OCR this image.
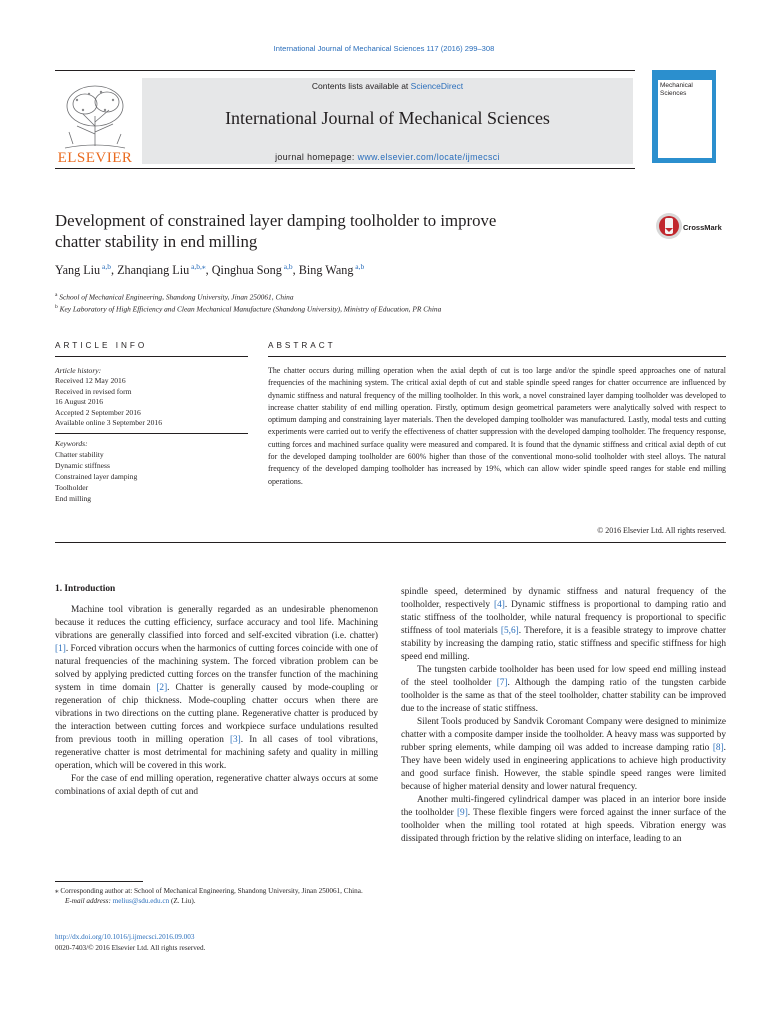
International Journal of Mechanical Sciences 117 (2016) 299–308
ELSEVIER
Contents lists available at ScienceDirect
International Journal of Mechanical Sciences
journal homepage: www.elsevier.com/locate/ijmecsci
Mechanical
Sciences
Development of constrained layer damping toolholder to improve
chatter stability in end milling
CrossMark
Yang Liu $^{a,b}$, Zhanqiang Liu $^{a,b,⁎}$, Qinghua Song $^{a,b}$, Bing Wang $^{a,b}$
$^a$ School of Mechanical Engineering, Shandong University, Jinan 250061, China
$^b$ Key Laboratory of High Efficiency and Clean Mechanical Manufacture (Shandong University), Ministry of Education, PR China
ARTICLE INFO	ABSTRACT
Article history:
Received 12 May 2016
Received in revised form
16 August 2016
Accepted 2 September 2016
Available online 3 September 2016
Keywords:
Chatter stability
Dynamic stiffness
Constrained layer damping
Toolholder
End milling
The chatter occurs during milling operation when the axial depth of cut is too large and/or the spindle speed approaches one of natural frequencies of the machining system. The critical axial depth of cut and stable spindle speed ranges for chatter occurrence are influenced by dynamic stiffness and natural frequency of the milling toolholder. In this work, a novel constrained layer damping toolholder was developed to increase chatter stability of end milling operation. Firstly, optimum design geometrical parameters were analytically solved with respect to optimum damping and constraining layer materials. Then the developed damping toolholder was manufactured. Lastly, modal tests and cutting experiments were carried out to verify the effectiveness of chatter suppression with the developed damping toolholder. The frequency response, cutting forces and machined surface quality were measured and compared. It is found that the dynamic stiffness and critical axial depth of cut for the developed damping toolholder are 600% higher than those of the conventional mono-solid toolholder with steel alloys. The natural frequency of the developed damping toolholder has increased by 19%, which can allow wider spindle speed ranges for stable end milling operations.
© 2016 Elsevier Ltd. All rights reserved.
1. Introduction

Machine tool vibration is generally regarded as an undesirable phenomenon because it reduces the cutting efficiency, surface accuracy and tool life. Machining vibrations are generally classified into forced and self-excited vibration (i.e. chatter) [1]. Forced vibration occurs when the harmonics of cutting forces coincide with one of natural frequencies of the machining system. The forced vibration problem can be solved by applying predicted cutting forces on the transfer function of the machining system in time domain [2]. Chatter is generally caused by mode-coupling or regeneration of chip thickness. Mode-coupling chatter occurs when there are vibrations in two directions on the cutting plane. Regenerative chatter is produced by the interaction between cutting forces and workpiece surface undulations resulted from previous tooth in milling operation [3]. In all cases of tool vibrations, regenerative chatter is most detrimental for machining safety and quality in milling operation, which will be covered in this work.

For the case of end milling operation, regenerative chatter always occurs at some combinations of axial depth of cut and

spindle speed, determined by dynamic stiffness and natural frequency of the toolholder, respectively [4]. Dynamic stiffness is proportional to damping ratio and static stiffness of the toolholder, while natural frequency is proportional to specific stiffness of tool materials [5,6]. Therefore, it is a feasible strategy to improve chatter stability by increasing the damping ratio, static stiffness and specific stiffness for high speed end milling.

The tungsten carbide toolholder has been used for low speed end milling instead of the steel toolholder [7]. Although the damping ratio of the tungsten carbide toolholder is the same as that of the steel toolholder, chatter stability can be improved due to the increase of static stiffness.

Silent Tools produced by Sandvik Coromant Company were designed to minimize chatter with a composite damper inside the toolholder. A heavy mass was supported by rubber spring elements, while damping oil was added to increase damping ratio [8]. They have been widely used in engineering applications to achieve high productivity and good surface finish. However, the stable spindle speed ranges were limited because of higher material density and lower natural frequency.

Another multi-fingered cylindrical damper was placed in an interior bore inside the toolholder [9]. These flexible fingers were forced against the inner surface of the toolholder when the milling tool rotated at high speeds. Vibration energy was dissipated through friction by the relative sliding on interface, leading to an

⁎ Corresponding author at: School of Mechanical Engineering, Shandong University, Jinan 250061, China.
E-mail address: melius@sdu.edu.cn (Z. Liu).
http://dx.doi.org/10.1016/j.ijmecsci.2016.09.003
0020-7403/© 2016 Elsevier Ltd. All rights reserved.
